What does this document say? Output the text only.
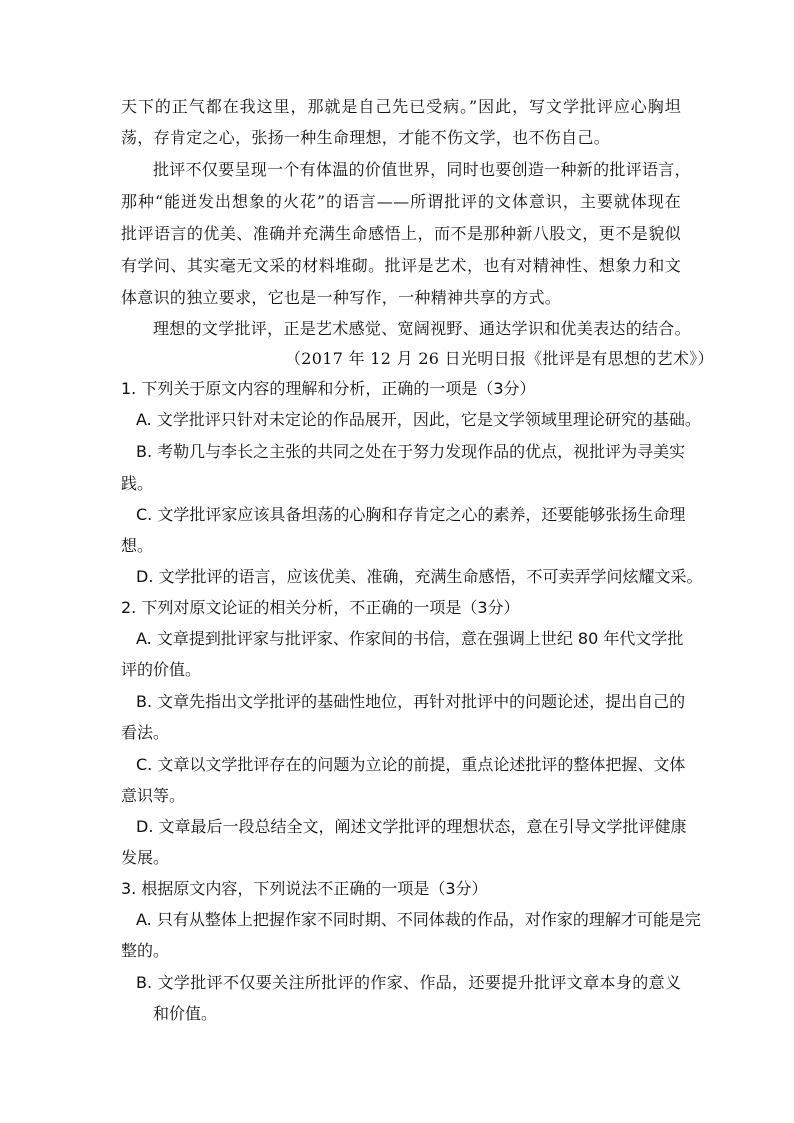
天下的正气都在我这里，那就是自己先已受病。”因此，写文学批评应心胸坦
荡，存肯定之心，张扬一种生命理想，才能不伤文学，也不伤自己。
批评不仅要呈现一个有体温的价值世界，同时也要创造一种新的批评语言，
那种“能迸发出想象的火花”的语言——所谓批评的文体意识，主要就体现在
批评语言的优美、准确并充满生命感悟上，而不是那种新八股文，更不是貌似
有学问、其实毫无文采的材料堆砌。批评是艺术，也有对精神性、想象力和文
体意识的独立要求，它也是一种写作，一种精神共享的方式。
理想的文学批评，正是艺术感觉、宽阔视野、通达学识和优美表达的结合。
（2017 年 12 月 26 日光明日报《批评是有思想的艺术》）
1. 下列关于原文内容的理解和分析，正确的一项是（3分）
A. 文学批评只针对未定论的作品展开，因此，它是文学领域里理论研究的基础。
B. 考勒几与李长之主张的共同之处在于努力发现作品的优点，视批评为寻美实
践。
C. 文学批评家应该具备坦荡的心胸和存肯定之心的素养，还要能够张扬生命理
想。
D. 文学批评的语言，应该优美、准确，充满生命感悟，不可卖弄学问炫耀文采。
2. 下列对原文论证的相关分析，不正确的一项是（3分）
A. 文章提到批评家与批评家、作家间的书信，意在强调上世纪 80 年代文学批
评的价值。
B. 文章先指出文学批评的基础性地位，再针对批评中的问题论述，提出自己的
看法。
C. 文章以文学批评存在的问题为立论的前提，重点论述批评的整体把握、文体
意识等。
D. 文章最后一段总结全文，阐述文学批评的理想状态，意在引导文学批评健康
发展。
3. 根据原文内容，下列说法不正确的一项是（3分）
A. 只有从整体上把握作家不同时期、不同体裁的作品，对作家的理解才可能是完
整的。
B. 文学批评不仅要关注所批评的作家、作品，还要提升批评文章本身的意义
和价值。
